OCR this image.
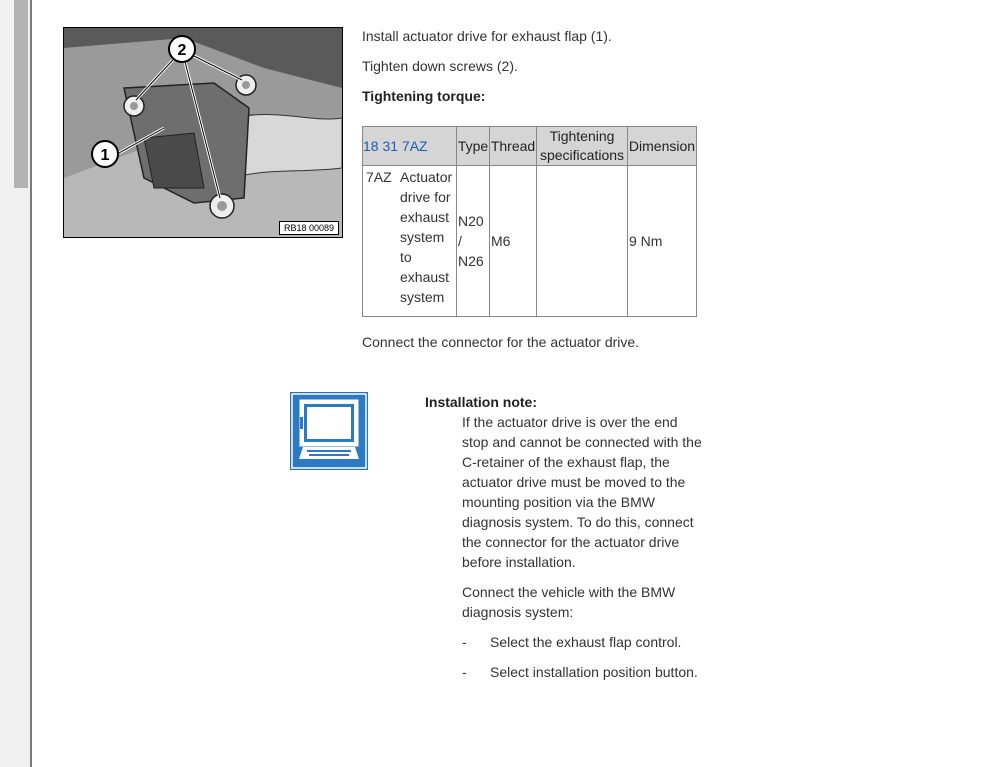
2
1
RB18 00089

Install actuator drive for exhaust flap (1).

Tighten down screws (2).

Tightening torque:

18 31 7AZ	Type	Thread	Tightening specifications	Dimension

7AZ Actuator drive for exhaust system to exhaust system	N20 / N26	M6		9 Nm

Connect the connector for the actuator drive.

Installation note:

If the actuator drive is over the end stop and cannot be connected with the C-retainer of the exhaust flap, the actuator drive must be moved to the mounting position via the BMW diagnosis system. To do this, connect the connector for the actuator drive before installation.

Connect the vehicle with the BMW diagnosis system:

-	Select the exhaust flap control.
-	Select installation position button.
